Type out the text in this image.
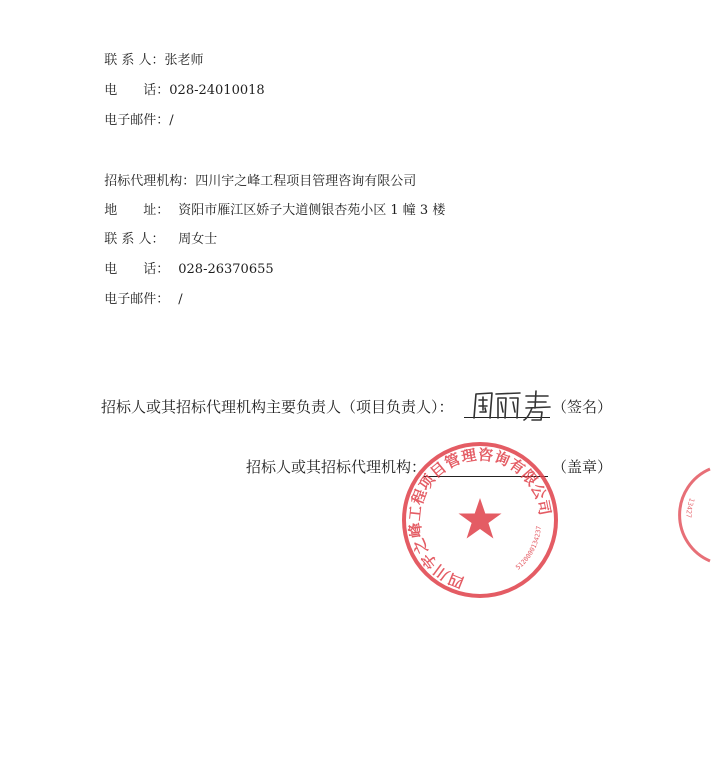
联 系 人：张老师

电　　话：028-24010018

电子邮件：/

招标代理机构：四川宇之峰工程项目管理咨询有限公司

地　　址： 资阳市雁江区娇子大道侧银杏苑小区 1 幢 3 楼

联 系 人： 周女士

电　　话： 028-26370655

电子邮件： /

招标人或其招标代理机构主要负责人（项目负责人）：	（签名）
招标人或其招标代理机构：	（盖章）
四川宇之峰工程项目管理咨询有限公司
5120000134237
13427
